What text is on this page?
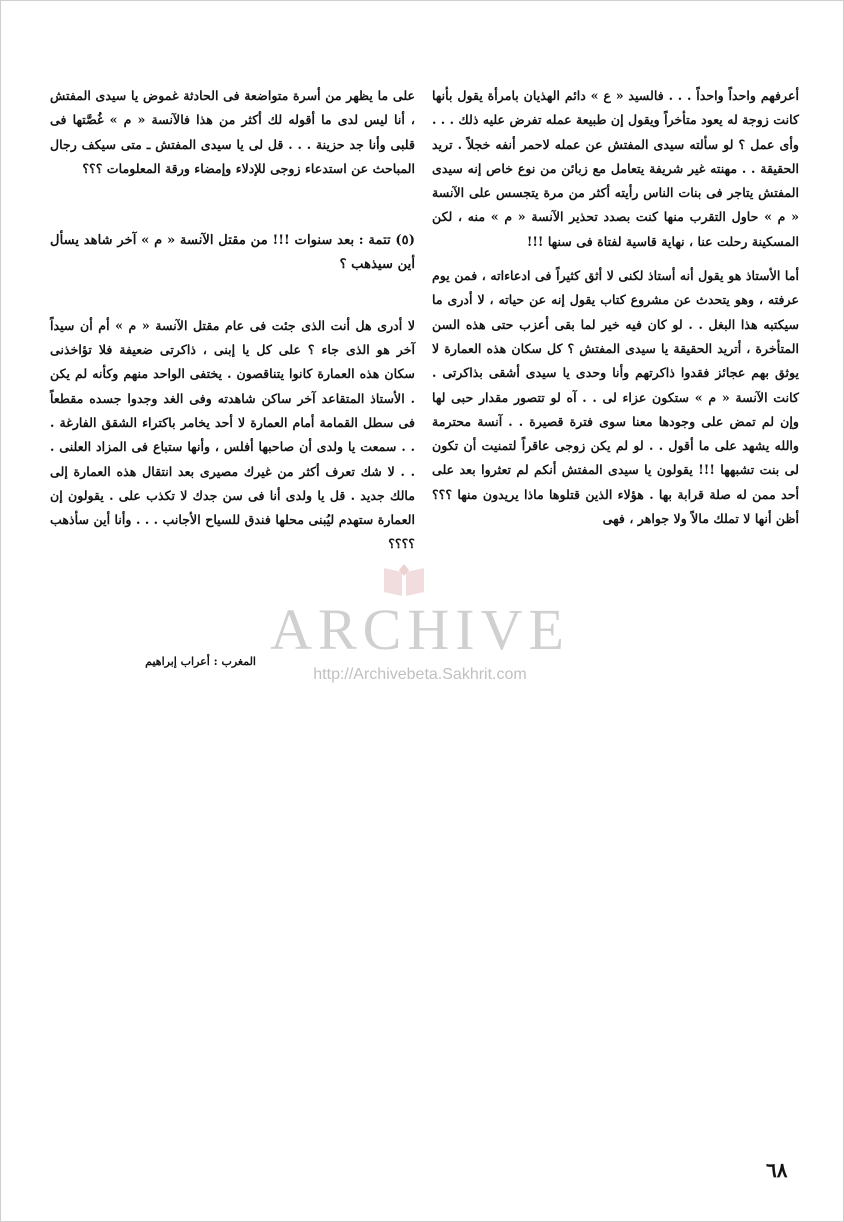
أعرفهم واحداً واحداً . . . فالسيد « ع » دائم الهذيان بامرأة يقول بأنها كانت زوجة له يعود متأخراً ويقول إن طبيعة عمله تفرض عليه ذلك . . . وأى عمل ؟ لو سألته سيدى المفتش عن عمله لاحمر أنفه خجلاً . تريد الحقيقة . . مهنته غير شريفة يتعامل مع زبائن من نوع خاص إنه سيدى المفتش يتاجر فى بنات الناس رأيته أكثر من مرة يتجسس على الآنسة « م » حاول التقرب منها كنت بصدد تحذير الآنسة « م » منه ، لكن المسكينة رحلت عنا ، نهاية قاسية لفتاة فى سنها !!!

أما الأستاذ هو يقول أنه أستاذ لكنى لا أثق كثيراً فى ادعاءاته ، فمن يوم عرفته ، وهو يتحدث عن مشروع كتاب يقول إنه عن حياته ، لا أدرى ما سيكتبه هذا البغل . . لو كان فيه خير لما بقى أعزب حتى هذه السن المتأخرة ، أتريد الحقيقة يا سيدى المفتش ؟ كل سكان هذه العمارة لا يوثق بهم عجائز فقدوا ذاكرتهم وأنا وحدى يا سيدى أشقى بذاكرتى . كانت الآنسة « م » ستكون عزاء لى . . آه لو تتصور مقدار حبى لها وإن لم تمض على وجودها معنا سوى فترة قصيرة . . آنسة محترمة والله يشهد على ما أقول . . لو لم يكن زوجى عاقراً لتمنيت أن تكون لى بنت تشبهها !!! يقولون يا سيدى المفتش أنكم لم تعثروا بعد على أحد ممن له صلة قرابة بها . هؤلاء الذين قتلوها ماذا يريدون منها ؟؟؟ أظن أنها لا تملك مالاً ولا جواهر ، فهى

على ما يظهر من أسرة متواضعة فى الحادثة غموض يا سيدى المفتش ، أنا ليس لدى ما أقوله لك أكثر من هذا فالآنسة « م » غُصَّتها فى قلبى وأنا جد حزينة . . . قل لى يا سيدى المفتش ـ متى سيكف رجال المباحث عن استدعاء زوجى للإدلاء وإمضاء ورقة المعلومات ؟؟؟

(٥) تتمة : بعد سنوات !!! من مقتل الآنسة « م » آخر شاهد يسأل أين سيذهب ؟

لا أدرى هل أنت الذى جئت فى عام مقتل الآنسة « م » أم أن سيداً آخر هو الذى جاء ؟ على كل يا إبنى ، ذاكرتى ضعيفة فلا تؤاخذنى سكان هذه العمارة كانوا يتناقصون . يختفى الواحد منهم وكأنه لم يكن . الأستاذ المتقاعد آخر ساكن شاهدته وفى الغد وجدوا جسده مقطعاً فى سطل القمامة أمام العمارة لا أحد يخامر باكتراء الشقق الفارغة . . . سمعت يا ولدى أن صاحبها أفلس ، وأنها ستباع فى المزاد العلنى . . . لا شك تعرف أكثر من غيرك مصيرى بعد انتقال هذه العمارة إلى مالك جديد . قل يا ولدى أنا فى سن جدك لا تكذب على . يقولون إن العمارة ستهدم ليُبنى محلها فندق للسياح الأجانب . . . وأنا أين سأذهب ؟؟؟؟

المغرب : أعراب إبراهيم ARCHIVE
http://Archivebeta.Sakhrit.com
٦٨
